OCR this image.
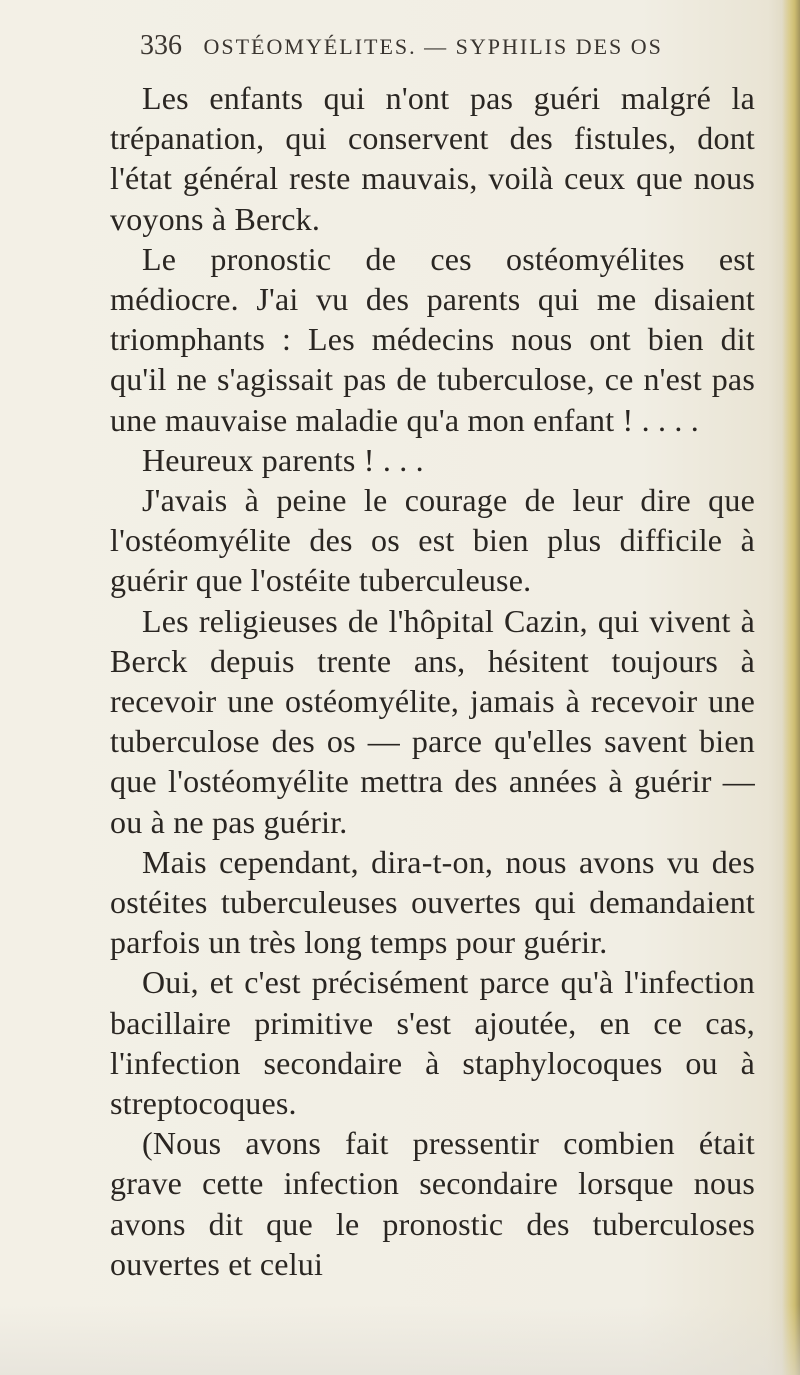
336 OSTÉOMYÉLITES. — SYPHILIS DES OS

Les enfants qui n'ont pas guéri malgré la trépanation, qui conservent des fistules, dont l'état général reste mauvais, voilà ceux que nous voyons à Berck.

Le pronostic de ces ostéomyélites est médiocre. J'ai vu des parents qui me disaient triomphants : Les médecins nous ont bien dit qu'il ne s'agissait pas de tuberculose, ce n'est pas une mauvaise maladie qu'a mon enfant ! . . . .

Heureux parents ! . . .

J'avais à peine le courage de leur dire que l'ostéomyélite des os est bien plus difficile à guérir que l'ostéite tuberculeuse.

Les religieuses de l'hôpital Cazin, qui vivent à Berck depuis trente ans, hésitent toujours à recevoir une ostéomyélite, jamais à recevoir une tuberculose des os — parce qu'elles savent bien que l'ostéomyélite mettra des années à guérir — ou à ne pas guérir.

Mais cependant, dira-t-on, nous avons vu des ostéites tuberculeuses ouvertes qui demandaient parfois un très long temps pour guérir.

Oui, et c'est précisément parce qu'à l'infection bacillaire primitive s'est ajoutée, en ce cas, l'infection secondaire à staphylocoques ou à streptocoques.

(Nous avons fait pressentir combien était grave cette infection secondaire lorsque nous avons dit que le pronostic des tuberculoses ouvertes et celui
